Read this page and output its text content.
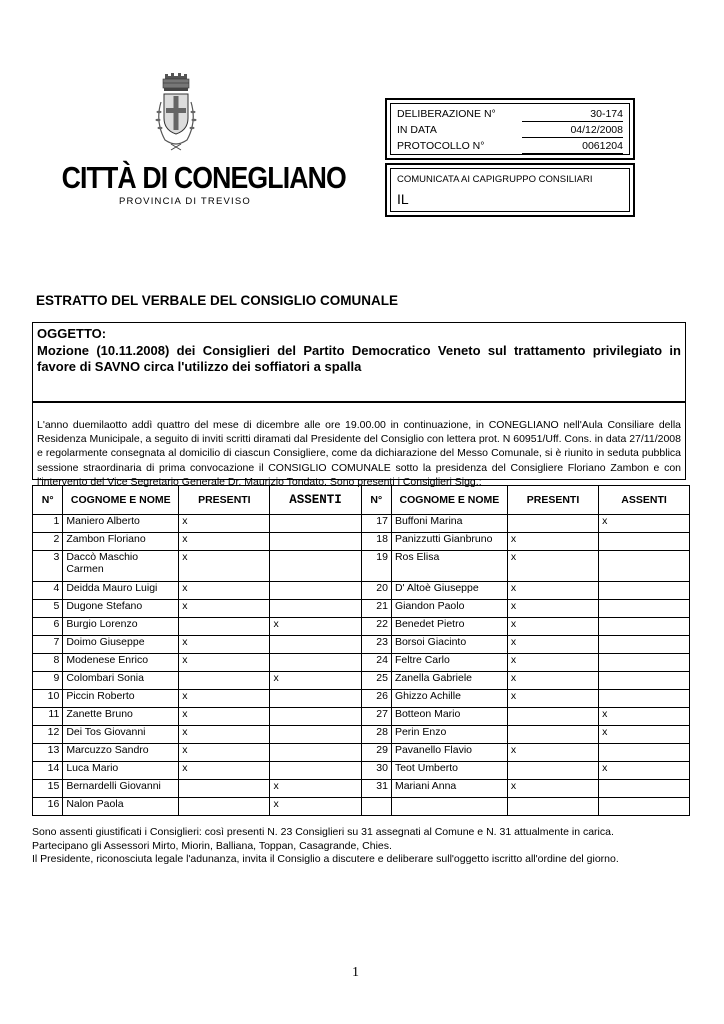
CITTÀ DI CONEGLIANO
PROVINCIA DI TREVISO
DELIBERAZIONE N°	30-174
IN DATA	04/12/2008
PROTOCOLLO N°	0061204
COMUNICATA AI CAPIGRUPPO CONSILIARI
IL
ESTRATTO DEL VERBALE DEL CONSIGLIO COMUNALE
OGGETTO:
Mozione (10.11.2008) dei Consiglieri del Partito Democratico Veneto sul trattamento privilegiato in favore di SAVNO circa l'utilizzo dei soffiatori a spalla
L'anno duemilaotto addì quattro del mese di dicembre alle ore 19.00.00 in continuazione, in CONEGLIANO nell'Aula Consiliare della Residenza Municipale, a seguito di inviti scritti diramati dal Presidente del Consiglio con lettera prot. N 60951/Uff. Cons. in data 27/11/2008 e regolarmente consegnata al domicilio di ciascun Consigliere, come da dichiarazione del Messo Comunale, si è riunito in seduta pubblica sessione straordinaria di prima convocazione il CONSIGLIO COMUNALE sotto la presidenza del Consigliere Floriano Zambon e con l'intervento del Vice Segretario Generale Dr. Maurizio Tondato. Sono presenti i Consiglieri Sigg.:
N°	COGNOME E NOME	PRESENTI	ASSENTI	N°	COGNOME E NOME	PRESENTI	ASSENTI
1	Maniero Alberto	x		17	Buffoni Marina		x
2	Zambon Floriano	x		18	Panizzutti Gianbruno	x	
3	Daccò Maschio Carmen	x		19	Ros Elisa	x	
4	Deidda Mauro Luigi	x		20	D' Altoè Giuseppe	x	
5	Dugone Stefano	x		21	Giandon Paolo	x	
6	Burgio Lorenzo		x	22	Benedet Pietro	x	
7	Doimo Giuseppe	x		23	Borsoi Giacinto	x	
8	Modenese Enrico	x		24	Feltre Carlo	x	
9	Colombari Sonia		x	25	Zanella Gabriele	x	
10	Piccin Roberto	x		26	Ghizzo Achille	x	
11	Zanette Bruno	x		27	Botteon Mario		x
12	Dei Tos Giovanni	x		28	Perin Enzo		x
13	Marcuzzo Sandro	x		29	Pavanello Flavio	x	
14	Luca Mario	x		30	Teot Umberto		x
15	Bernardelli Giovanni		x	31	Mariani Anna	x	
16	Nalon Paola		x				
Sono assenti giustificati i Consiglieri: così presenti N. 23 Consiglieri su 31 assegnati al Comune e N. 31 attualmente in carica.
Partecipano gli Assessori Mirto, Miorin, Balliana, Toppan, Casagrande, Chies.
Il Presidente, riconosciuta legale l'adunanza, invita il Consiglio a discutere e deliberare sull'oggetto iscritto all'ordine del giorno.
1
